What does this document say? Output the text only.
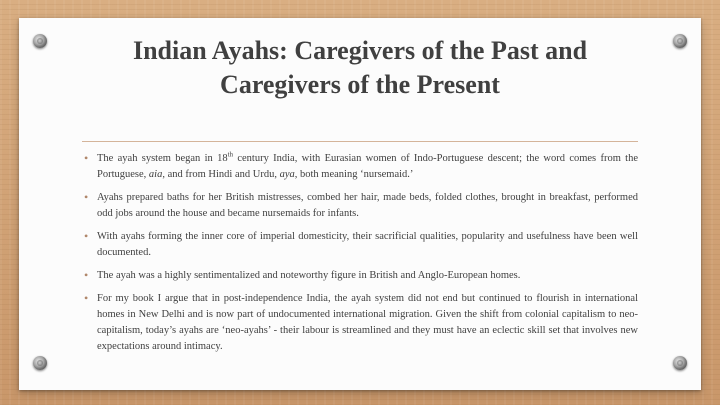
Indian Ayahs: Caregivers of the Past and
Caregivers of the Present
• The ayah system began in 18th century India, with Eurasian women of Indo-Portuguese descent; the word comes from the Portuguese, aia, and from Hindi and Urdu, aya, both meaning ‘nursemaid.’
• Ayahs prepared baths for her British mistresses, combed her hair, made beds, folded clothes, brought in breakfast, performed odd jobs around the house and became nursemaids for infants.
• With ayahs forming the inner core of imperial domesticity, their sacrificial qualities, popularity and usefulness have been well documented.
• The ayah was a highly sentimentalized and noteworthy figure in British and Anglo-European homes.
• For my book I argue that in post-independence India, the ayah system did not end but continued to flourish in international homes in New Delhi and is now part of undocumented international migration. Given the shift from colonial capitalism to neo-capitalism, today’s ayahs are ‘neo-ayahs’ - their labour is streamlined and they must have an eclectic skill set that involves new expectations around intimacy.
